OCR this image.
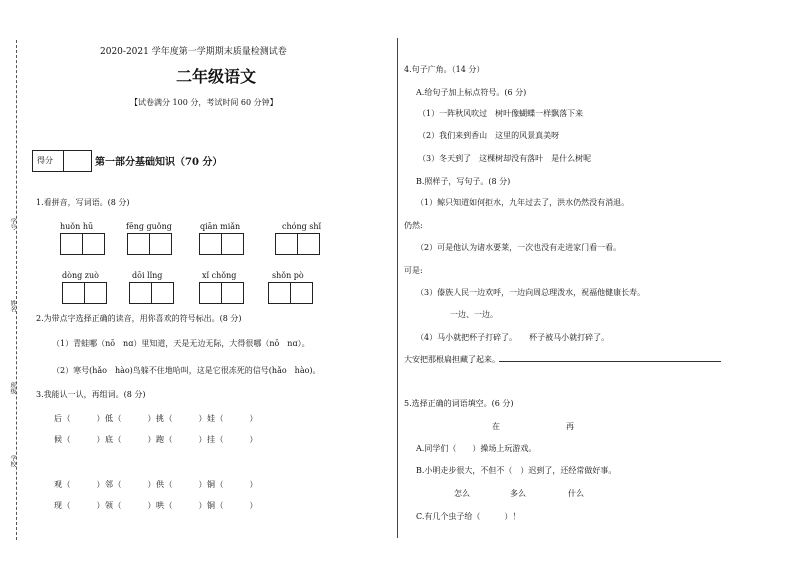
2020-2021 学年度第一学期期末质量检测试卷
二年级语文
【试卷满分 100 分，考试时间 60 分钟】
学号
姓名
班级
学校
得分	第一部分基础知识（70 分）
1.看拼音，写词语。(8 分)
huǒn hū	fēng guǒng	qiān miǎn	chóng shǐ
dòng zuò	dōi lǐng	xǐ chǒng	shǒn pò
2.为带点字选择正确的读音，用你喜欢的符号标出。(8 分)
（1）青蛙哪（nō　nɑ）里知道，天是无边无际，大得很哪（nō　nɑ）。
（2）寒号(hǎo　hào)鸟躲不住地哈叫，这是它很冻死的信号(hǎo　hào)。
3.我能认一认，再组词。(8 分)
后（　　　）低（　　　）挑（　　　）娃（　　　）
候（　　　）底（　　　）跑（　　　）挂（　　　）
观（　　　）邻（　　　）供（　　　）铜（　　　）
现（　　　）领（　　　）哄（　　　）铜（　　　）
4.句子广角。（14 分）
A.给句子加上标点符号。(6 分)
（1）一阵秋风吹过　树叶像蝴蝶一样飘落下来
（2）我们来到香山　这里的风景真美呀
（3）冬天到了　这棵树却没有落叶　是什么树呢
B.照样子，写句子。(8 分)
（1）鲸只知道如何拒水，九年过去了，洪水仍然没有消退。
仍然:
（2）可是他认为诸水要莱，一次也没有走进家门看一看。
可是:
（3）傣族人民一边欢呼，一边向周总理泼水，祝福他健康长寿。
一边、一边。
（4）马小就把杯子打碎了。　　杯子被马小就打碎了。
大安把那根扁担藏了起来。
5.选择正确的词语填空。(6 分)
在	再
A.同学们（　　）操场上玩游戏。
B.小明走步很大，不但不（　）迟到了，还经常做好事。
怎么	多么	什么
C.有几个虫子给（　　　）！
